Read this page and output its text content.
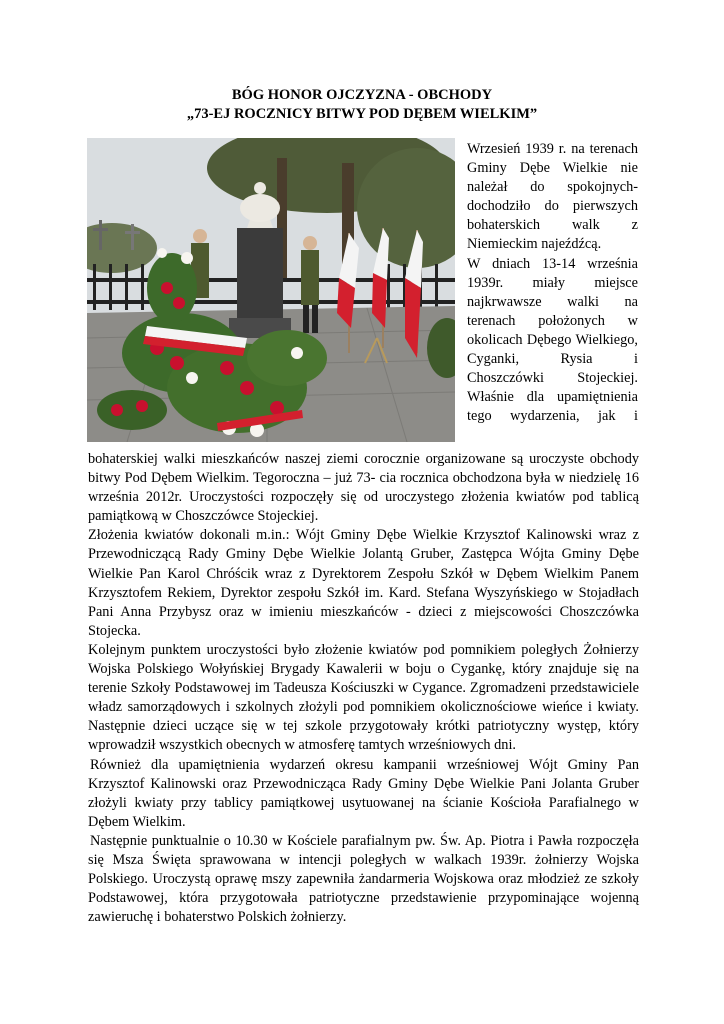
BÓG HONOR OJCZYZNA - OBCHODY
„73-EJ ROCZNICY BITWY POD DĘBEM WIELKIM”

Wrzesień 1939 r. na terenach Gminy Dębe Wielkie nie należał do spokojnych-dochodziło do pierwszych bohaterskich walk z Niemieckim najeźdźcą.

W dniach 13-14 września 1939r. miały miejsce najkrwawsze walki na terenach położonych w okolicach Dębego Wielkiego, Cyganki, Rysia i Choszczówki Stojeckiej. Właśnie dla upamiętnienia tego wydarzenia, jak i

bohaterskiej walki mieszkańców naszej ziemi corocznie organizowane są uroczyste obchody bitwy Pod Dębem Wielkim. Tegoroczna – już 73- cia rocznica obchodzona była w niedzielę 16 września 2012r. Uroczystości rozpoczęły się od uroczystego złożenia kwiatów pod tablicą pamiątkową w Choszczówce Stojeckiej.

Złożenia kwiatów dokonali m.in.: Wójt Gminy Dębe Wielkie Krzysztof Kalinowski wraz z Przewodniczącą Rady Gminy Dębe Wielkie Jolantą Gruber, Zastępca Wójta Gminy Dębe Wielkie Pan Karol Chróścik wraz z Dyrektorem Zespołu Szkół w Dębem Wielkim Panem Krzysztofem Rekiem, Dyrektor zespołu Szkół im. Kard. Stefana Wyszyńskiego w Stojadłach Pani Anna Przybysz oraz w imieniu mieszkańców - dzieci z miejscowości Choszczówka Stojecka.

Kolejnym punktem uroczystości było złożenie kwiatów pod pomnikiem poległych Żołnierzy Wojska Polskiego Wołyńskiej Brygady Kawalerii w boju o Cygankę, który znajduje się na terenie Szkoły Podstawowej im Tadeusza Kościuszki w Cygance. Zgromadzeni przedstawiciele władz samorządowych i szkolnych złożyli pod pomnikiem okolicznościowe wieńce i kwiaty. Następnie dzieci uczące się w tej szkole przygotowały krótki patriotyczny występ, który wprowadził wszystkich obecnych w atmosferę tamtych wrześniowych dni.

Również dla upamiętnienia wydarzeń okresu kampanii wrześniowej Wójt Gminy Pan Krzysztof Kalinowski oraz Przewodnicząca Rady Gminy Dębe Wielkie Pani Jolanta Gruber złożyli kwiaty przy tablicy pamiątkowej usytuowanej na ścianie Kościoła Parafialnego w Dębem Wielkim.

Następnie punktualnie o 10.30 w Kościele parafialnym pw. Św. Ap. Piotra i Pawła rozpoczęła się Msza Święta sprawowana w intencji poległych w walkach 1939r. żołnierzy Wojska Polskiego. Uroczystą oprawę mszy zapewniła żandarmeria Wojskowa oraz młodzież ze szkoły Podstawowej, która przygotowała patriotyczne przedstawienie przypominające wojenną zawieruchę i bohaterstwo Polskich żołnierzy.
